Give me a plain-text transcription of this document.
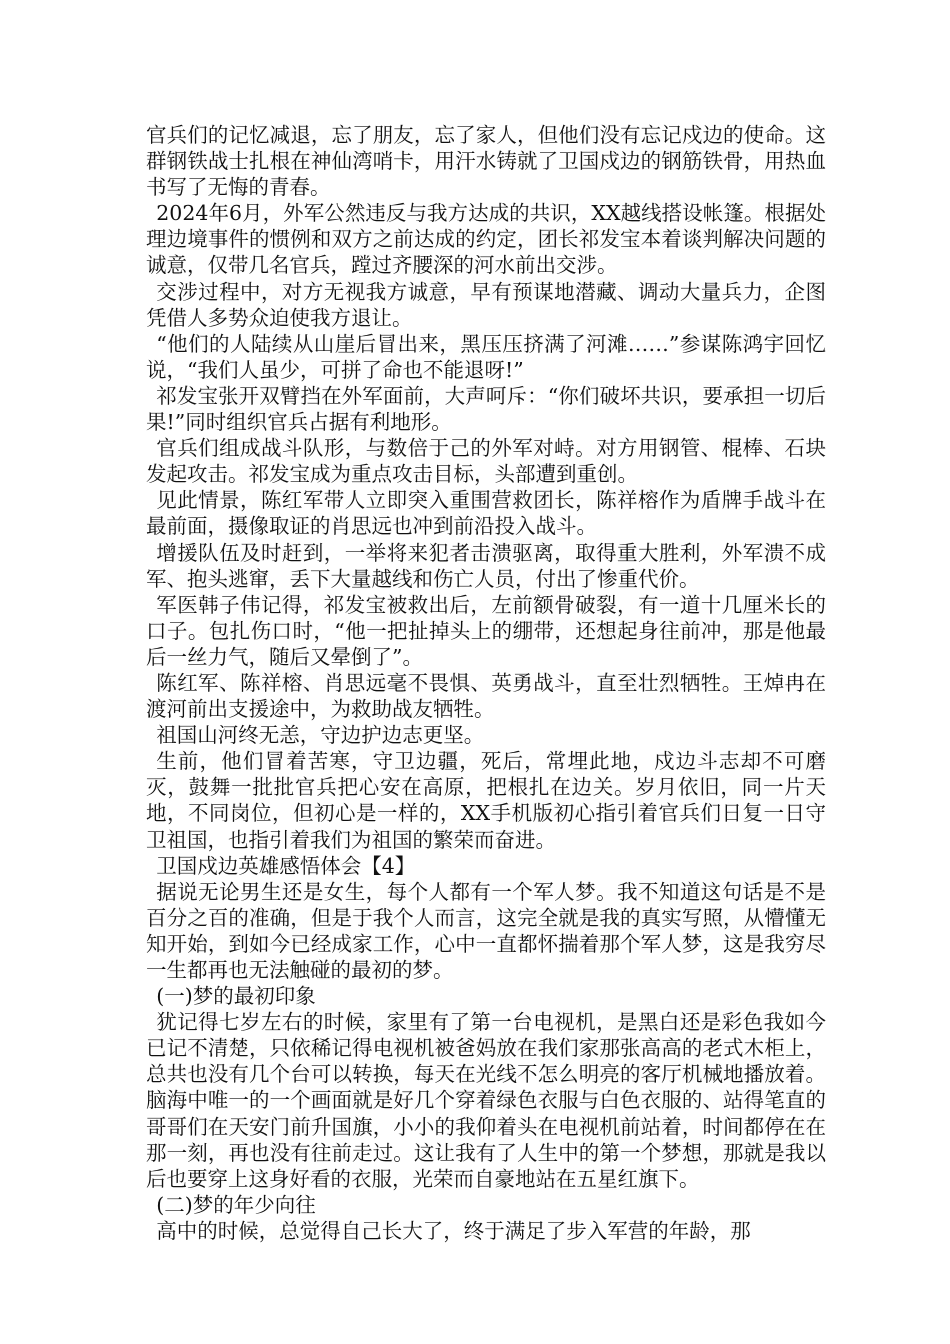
官兵们的记忆减退，忘了朋友，忘了家人，但他们没有忘记戍边的使命。这群钢铁战士扎根在神仙湾哨卡，用汗水铸就了卫国戍边的钢筋铁骨，用热血书写了无悔的青春。

2024年6月，外军公然违反与我方达成的共识，XX越线搭设帐篷。根据处理边境事件的惯例和双方之前达成的约定，团长祁发宝本着谈判解决问题的诚意，仅带几名官兵，蹚过齐腰深的河水前出交涉。

交涉过程中，对方无视我方诚意，早有预谋地潜藏、调动大量兵力，企图凭借人多势众迫使我方退让。

“他们的人陆续从山崖后冒出来，黑压压挤满了河滩……”参谋陈鸿宇回忆说，“我们人虽少，可拼了命也不能退呀!”

祁发宝张开双臂挡在外军面前，大声呵斥：“你们破坏共识，要承担一切后果!”同时组织官兵占据有利地形。

官兵们组成战斗队形，与数倍于己的外军对峙。对方用钢管、棍棒、石块发起攻击。祁发宝成为重点攻击目标，头部遭到重创。

见此情景，陈红军带人立即突入重围营救团长，陈祥榕作为盾牌手战斗在最前面，摄像取证的肖思远也冲到前沿投入战斗。

增援队伍及时赶到，一举将来犯者击溃驱离，取得重大胜利，外军溃不成军、抱头逃窜，丢下大量越线和伤亡人员，付出了惨重代价。

军医韩子伟记得，祁发宝被救出后，左前额骨破裂，有一道十几厘米长的口子。包扎伤口时，“他一把扯掉头上的绷带，还想起身往前冲，那是他最后一丝力气，随后又晕倒了”。

陈红军、陈祥榕、肖思远毫不畏惧、英勇战斗，直至壮烈牺牲。王焯冉在渡河前出支援途中，为救助战友牺牲。

祖国山河终无恙，守边护边志更坚。

生前，他们冒着苦寒，守卫边疆，死后，常埋此地，戍边斗志却不可磨灭，鼓舞一批批官兵把心安在高原，把根扎在边关。岁月依旧，同一片天地，不同岗位，但初心是一样的，XX手机版初心指引着官兵们日复一日守卫祖国，也指引着我们为祖国的繁荣而奋进。

卫国戍边英雄感悟体会【4】

据说无论男生还是女生，每个人都有一个军人梦。我不知道这句话是不是百分之百的准确，但是于我个人而言，这完全就是我的真实写照，从懵懂无知开始，到如今已经成家工作，心中一直都怀揣着那个军人梦，这是我穷尽一生都再也无法触碰的最初的梦。

(一)梦的最初印象

犹记得七岁左右的时候，家里有了第一台电视机，是黑白还是彩色我如今已记不清楚，只依稀记得电视机被爸妈放在我们家那张高高的老式木柜上，总共也没有几个台可以转换，每天在光线不怎么明亮的客厅机械地播放着。脑海中唯一的一个画面就是好几个穿着绿色衣服与白色衣服的、站得笔直的哥哥们在天安门前升国旗，小小的我仰着头在电视机前站着，时间都停在在那一刻，再也没有往前走过。这让我有了人生中的第一个梦想，那就是我以后也要穿上这身好看的衣服，光荣而自豪地站在五星红旗下。

(二)梦的年少向往

高中的时候，总觉得自己长大了，终于满足了步入军营的年龄，那
